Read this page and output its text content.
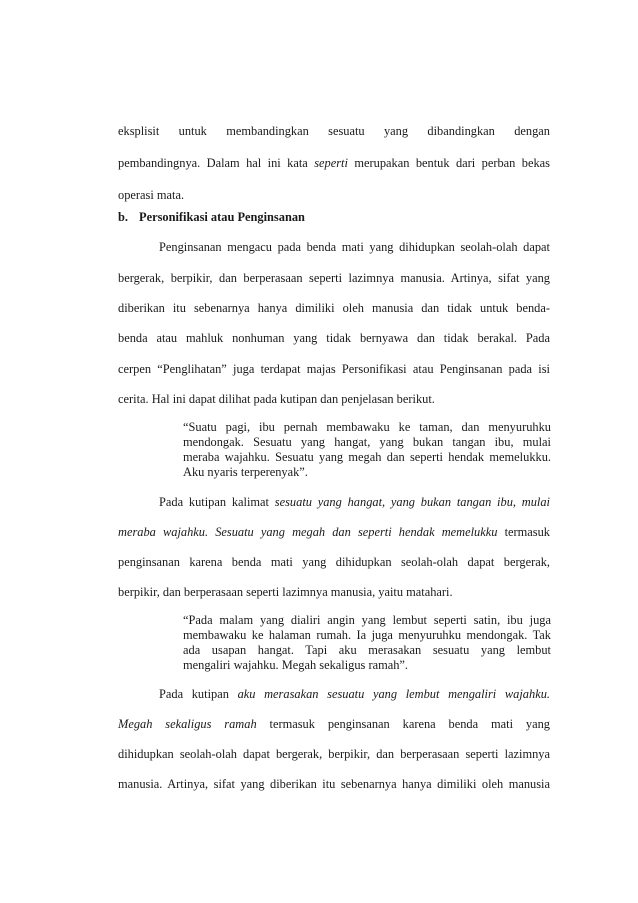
eksplisit untuk membandingkan sesuatu yang dibandingkan dengan
pembandingnya. Dalam hal ini kata seperti merupakan bentuk dari perban bekas
operasi mata.
b. Personifikasi atau Penginsanan
Penginsanan mengacu pada benda mati yang dihidupkan seolah-olah dapat
bergerak, berpikir, dan berperasaan seperti lazimnya manusia. Artinya, sifat yang
diberikan itu sebenarnya hanya dimiliki oleh manusia dan tidak untuk benda-
benda atau mahluk nonhuman yang tidak bernyawa dan tidak berakal. Pada
cerpen “Penglihatan” juga terdapat majas Personifikasi atau Penginsanan pada isi
cerita. Hal ini dapat dilihat pada kutipan dan penjelasan berikut.
“Suatu pagi, ibu pernah membawaku ke taman, dan menyuruhku
mendongak. Sesuatu yang hangat, yang bukan tangan ibu, mulai
meraba wajahku. Sesuatu yang megah dan seperti hendak memelukku.
Aku nyaris terperenyak”.
Pada kutipan kalimat sesuatu yang hangat, yang bukan tangan ibu, mulai
meraba wajahku. Sesuatu yang megah dan seperti hendak memelukku termasuk
penginsanan karena benda mati yang dihidupkan seolah-olah dapat bergerak,
berpikir, dan berperasaan seperti lazimnya manusia, yaitu matahari.
“Pada malam yang dialiri angin yang lembut seperti satin, ibu juga
membawaku ke halaman rumah. Ia juga menyuruhku mendongak. Tak
ada usapan hangat. Tapi aku merasakan sesuatu yang lembut
mengaliri wajahku. Megah sekaligus ramah”.
Pada kutipan aku merasakan sesuatu yang lembut mengaliri wajahku.
Megah sekaligus ramah termasuk penginsanan karena benda mati yang
dihidupkan seolah-olah dapat bergerak, berpikir, dan berperasaan seperti lazimnya
manusia. Artinya, sifat yang diberikan itu sebenarnya hanya dimiliki oleh manusia
